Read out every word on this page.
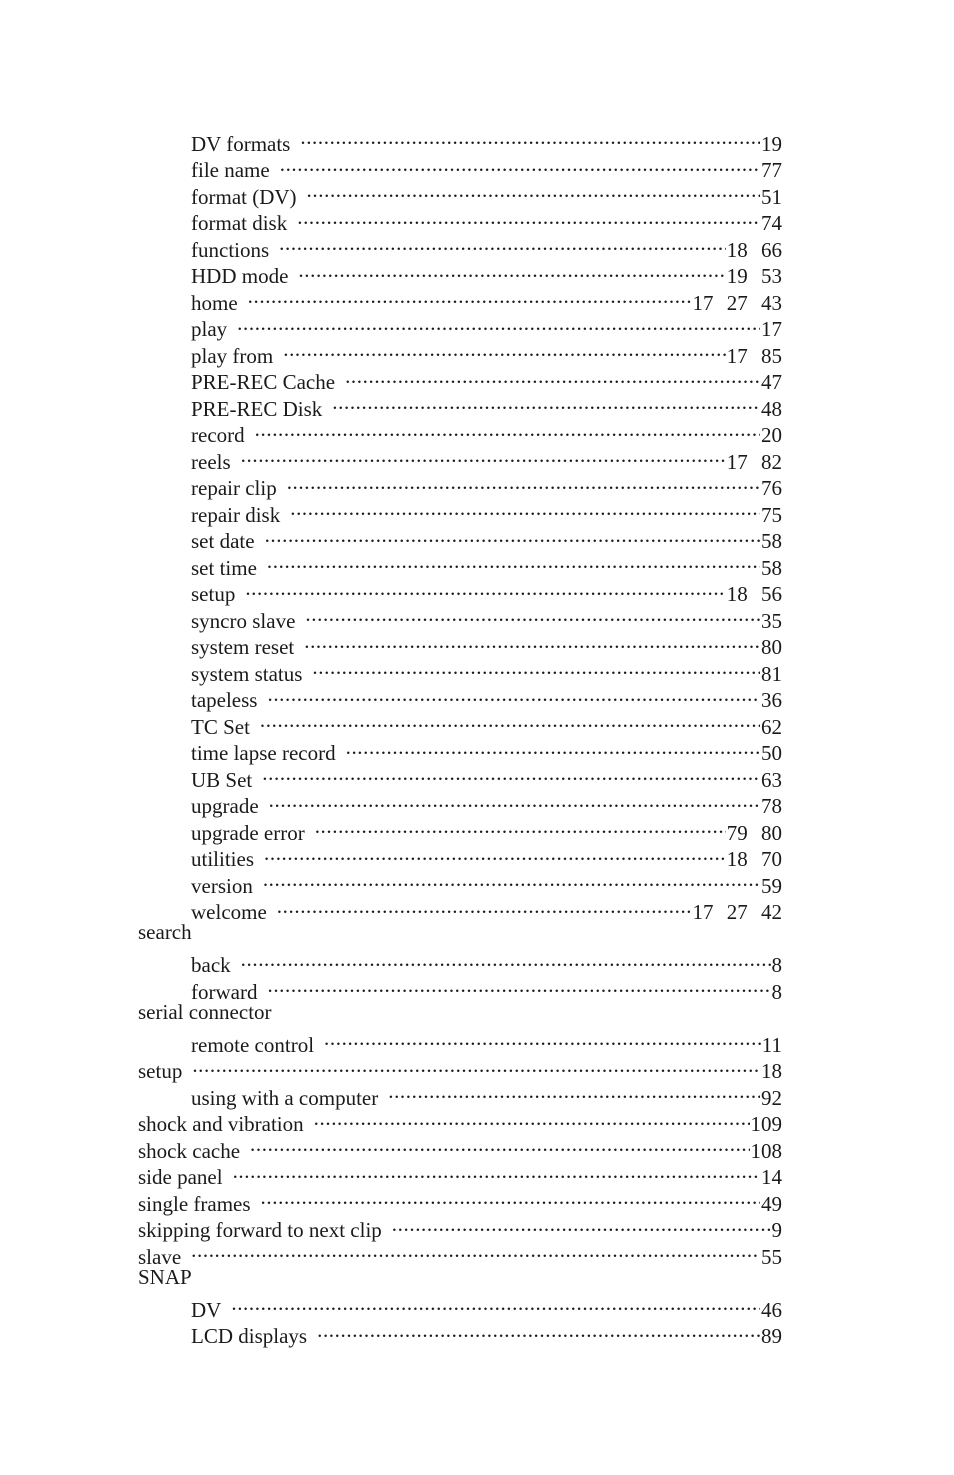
DV formats .....	19
file name .....	77
format (DV) .....	51
format disk .....	74
functions .....	18 66
HDD mode .....	19 53
home .....	17 27 43
play .....	17
play from .....	17 85
PRE-REC Cache .....	47
PRE-REC Disk .....	48
record .....	20
reels .....	17 82
repair clip .....	76
repair disk .....	75
set date .....	58
set time .....	58
setup .....	18 56
syncro slave .....	35
system reset .....	80
system status .....	81
tapeless .....	36
TC Set .....	62
time lapse record .....	50
UB Set .....	63
upgrade .....	78
upgrade error .....	79 80
utilities .....	18 70
version .....	59
welcome .....	17 27 42
search
back .....	8
forward .....	8
serial connector
remote control .....	11
setup .....	18
using with a computer .....	92
shock and vibration .....	109
shock cache .....	108
side panel .....	14
single frames .....	49
skipping forward to next clip .....	9
slave .....	55
SNAP
DV .....	46
LCD displays .....	89
